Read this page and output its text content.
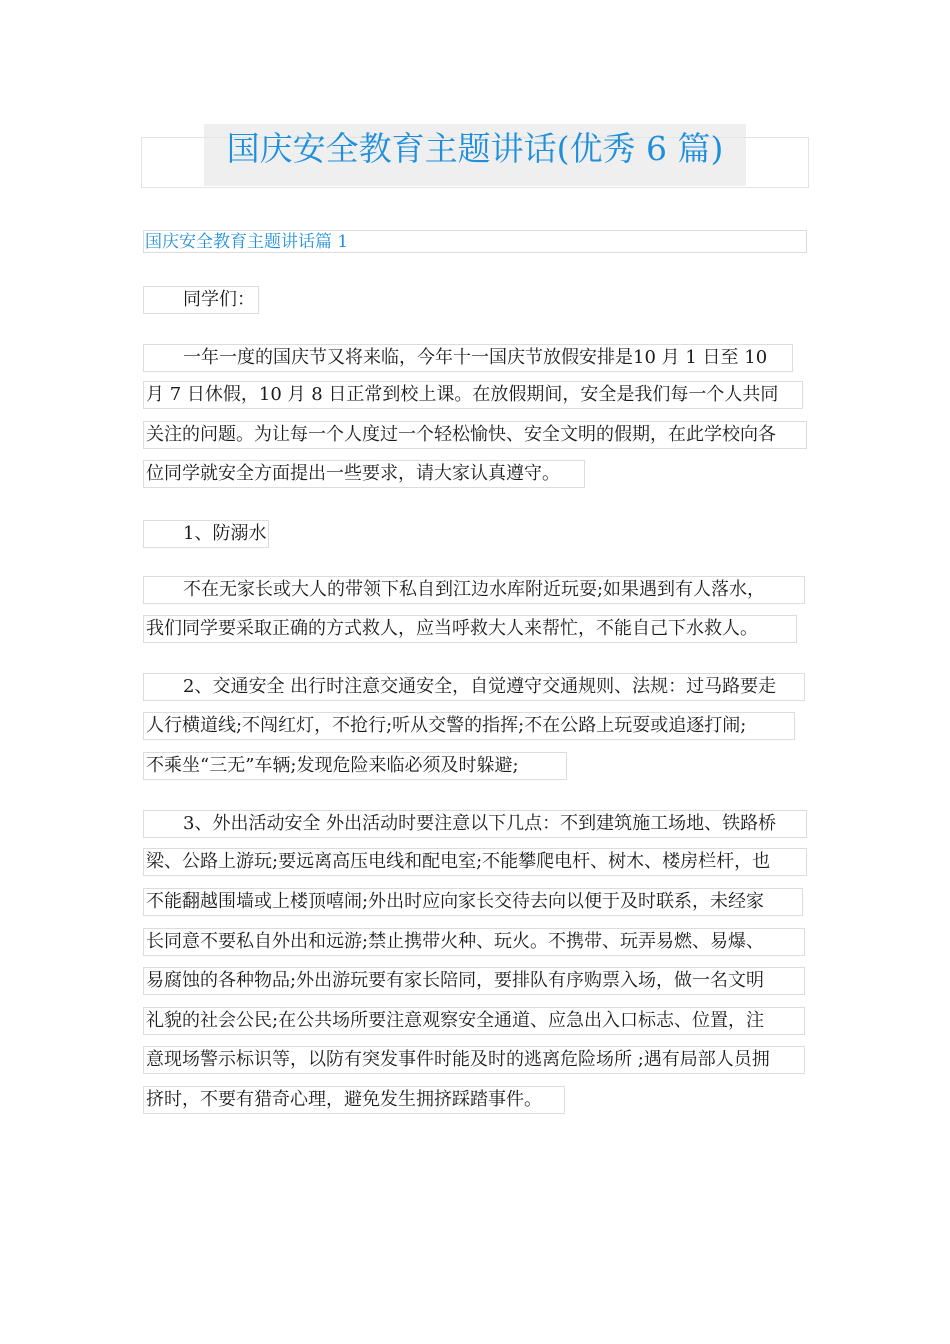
国庆安全教育主题讲话(优秀 6 篇)
国庆安全教育主题讲话篇 1
同学们：
一年一度的国庆节又将来临，今年十一国庆节放假安排是10 月 1 日至 10
月 7 日休假，10 月 8 日正常到校上课。在放假期间，安全是我们每一个人共同
关注的问题。为让每一个人度过一个轻松愉快、安全文明的假期，在此学校向各
位同学就安全方面提出一些要求，请大家认真遵守。
1、防溺水
不在无家长或大人的带领下私自到江边水库附近玩耍;如果遇到有人落水，
我们同学要采取正确的方式救人，应当呼救大人来帮忙，不能自己下水救人。
2、交通安全 出行时注意交通安全，自觉遵守交通规则、法规：过马路要走
人行横道线;不闯红灯，不抢行;听从交警的指挥;不在公路上玩耍或追逐打闹;
不乘坐“三无”车辆;发现危险来临必须及时躲避;
3、外出活动安全 外出活动时要注意以下几点：不到建筑施工场地、铁路桥
梁、公路上游玩;要远离高压电线和配电室;不能攀爬电杆、树木、楼房栏杆，也
不能翻越围墙或上楼顶嘻闹;外出时应向家长交待去向以便于及时联系，未经家
长同意不要私自外出和远游;禁止携带火种、玩火。不携带、玩弄易燃、易爆、
易腐蚀的各种物品;外出游玩要有家长陪同，要排队有序购票入场，做一名文明
礼貌的社会公民;在公共场所要注意观察安全通道、应急出入口标志、位置，注
意现场警示标识等，以防有突发事件时能及时的逃离危险场所 ;遇有局部人员拥
挤时，不要有猎奇心理，避免发生拥挤踩踏事件。
